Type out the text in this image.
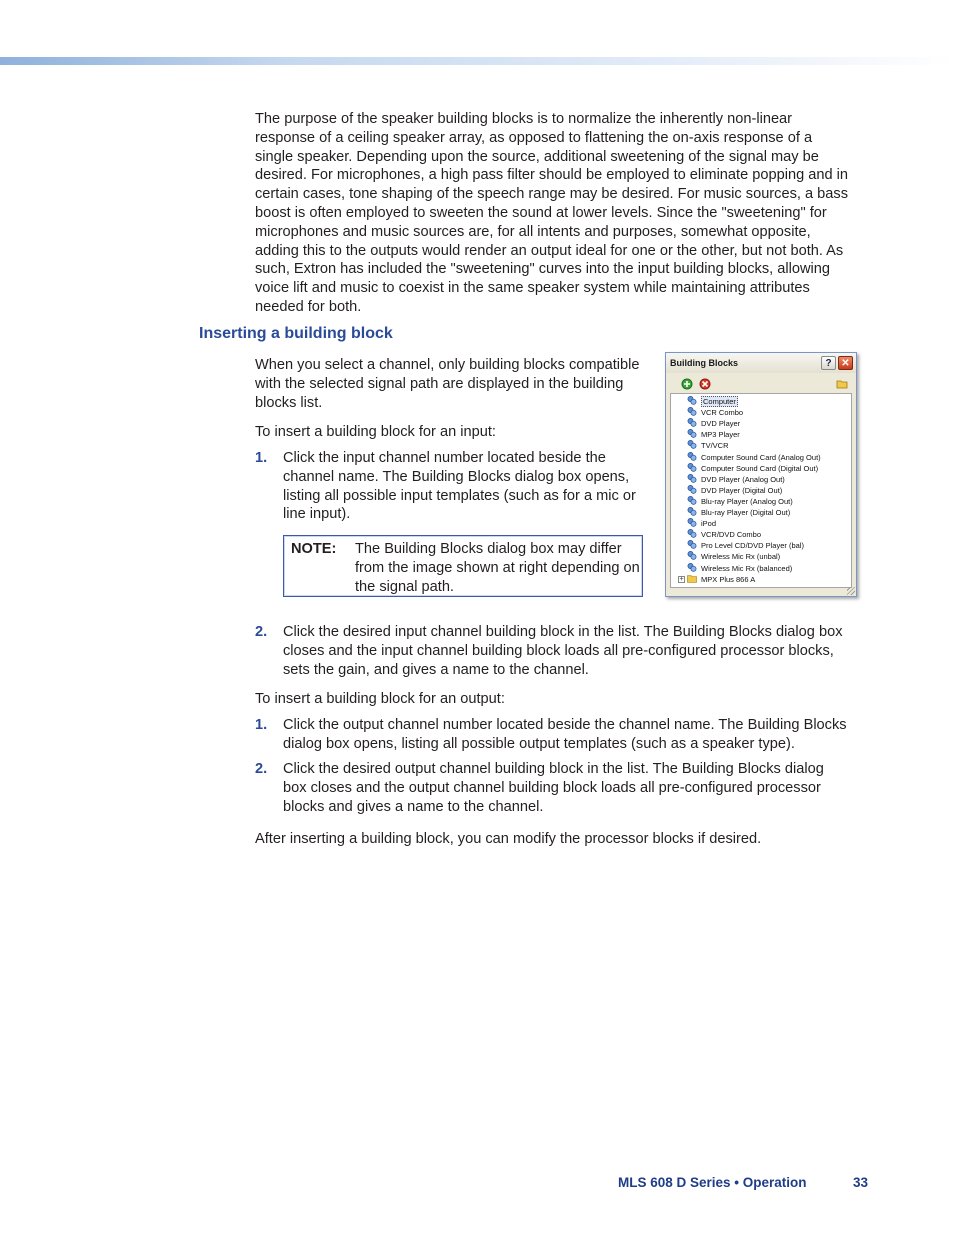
The purpose of the speaker building blocks is to normalize the inherently non-linear response of a ceiling speaker array, as opposed to flattening the on-axis response of a single speaker. Depending upon the source, additional sweetening of the signal may be desired. For microphones, a high pass filter should be employed to eliminate popping and in certain cases, tone shaping of the speech range may be desired. For music sources, a bass boost is often employed to sweeten the sound at lower levels. Since the "sweetening" for microphones and music sources are, for all intents and purposes, somewhat opposite, adding this to the outputs would render an output ideal for one or the other, but not both. As such, Extron has included the "sweetening" curves into the input building blocks, allowing voice lift and music to coexist in the same speaker system while maintaining attributes needed for both.

Inserting a building block

When you select a channel, only building blocks compatible with the selected signal path are displayed in the building blocks list.

To insert a building block for an input:

1. Click the input channel number located beside the channel name. The Building Blocks dialog box opens, listing all possible input templates (such as for a mic or line input).
NOTE: The Building Blocks dialog box may differ from the image shown at right depending on the signal path.
2. Click the desired input channel building block in the list. The Building Blocks dialog box closes and the input channel building block loads all pre-configured processor blocks, sets the gain, and gives a name to the channel.

To insert a building block for an output:

1. Click the output channel number located beside the channel name. The Building Blocks dialog box opens, listing all possible output templates (such as a speaker type).
2. Click the desired output channel building block in the list. The Building Blocks dialog box closes and the output channel building block loads all pre-configured processor blocks and gives a name to the channel.

After inserting a building block, you can modify the processor blocks if desired.

Building Blocks	? ✕
Computer
VCR Combo
DVD Player
MP3 Player
TV/VCR
Computer Sound Card (Analog Out)
Computer Sound Card (Digital Out)
DVD Player (Analog Out)
DVD Player (Digital Out)
Blu-ray Player (Analog Out)
Blu-ray Player (Digital Out)
iPod
VCR/DVD Combo
Pro Level CD/DVD Player (bal)
Wireless Mic Rx (unbal)
Wireless Mic Rx (balanced)
MPX Plus 866 A
+
MLS 608 D Series • Operation	33
